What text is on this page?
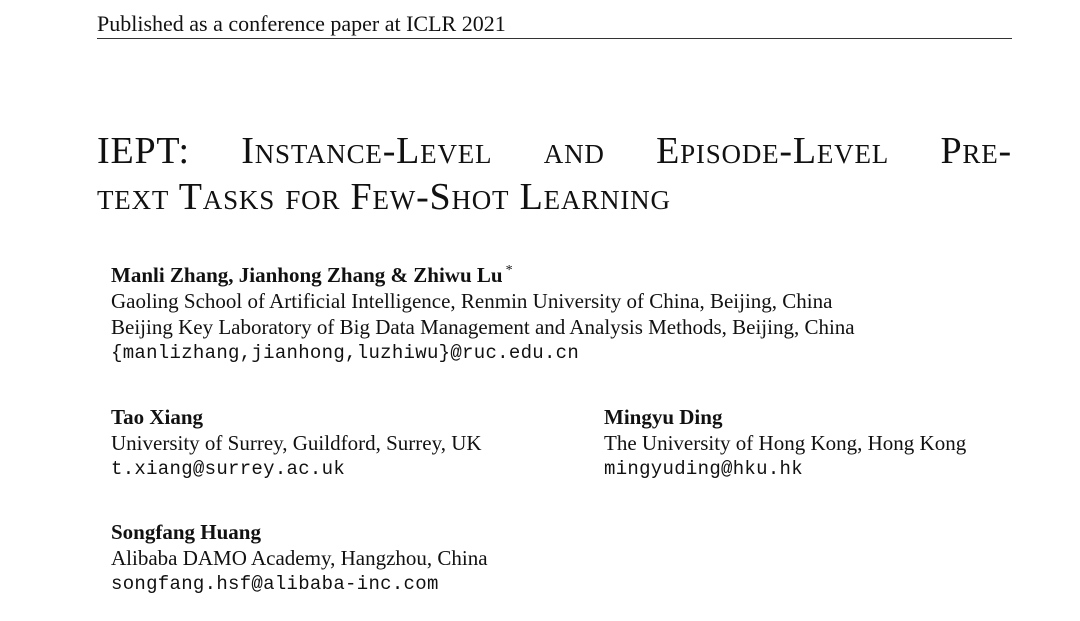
Published as a conference paper at ICLR 2021
IEPT: Instance-Level and Episode-Level Pre-
text Tasks for Few-Shot Learning
Manli Zhang, Jianhong Zhang & Zhiwu Lu *
Gaoling School of Artificial Intelligence, Renmin University of China, Beijing, China
Beijing Key Laboratory of Big Data Management and Analysis Methods, Beijing, China
{manlizhang,jianhong,luzhiwu}@ruc.edu.cn
Tao Xiang
University of Surrey, Guildford, Surrey, UK
t.xiang@surrey.ac.uk
Mingyu Ding
The University of Hong Kong, Hong Kong
mingyuding@hku.hk
Songfang Huang
Alibaba DAMO Academy, Hangzhou, China
songfang.hsf@alibaba-inc.com
